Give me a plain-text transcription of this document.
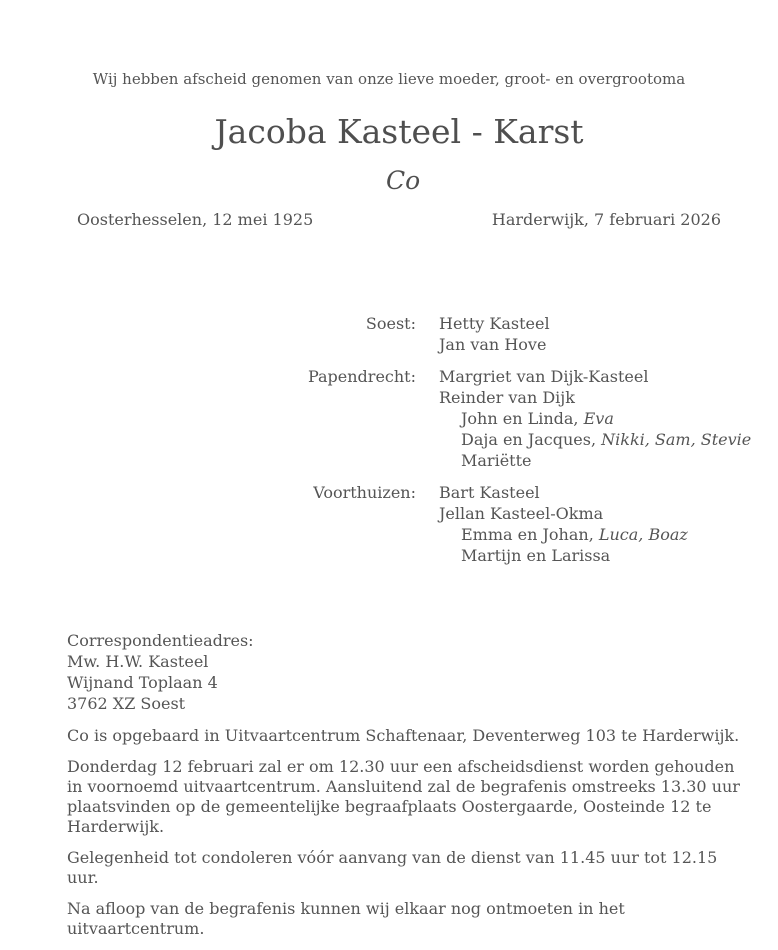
Wij hebben afscheid genomen van onze lieve moeder, groot- en overgrootoma
Jacoba Kasteel - Karst
Co
Oosterhesselen, 12 mei 1925	Harderwijk, 7 februari 2026
Soest: Hetty Kasteel
Jan van Hove
Papendrecht: Margriet van Dijk-Kasteel
Reinder van Dijk
John en Linda, Eva
Daja en Jacques, Nikki, Sam, Stevie
Mariëtte
Voorthuizen: Bart Kasteel
Jellan Kasteel-Okma
Emma en Johan, Luca, Boaz
Martijn en Larissa
Correspondentieadres:
Mw. H.W. Kasteel
Wijnand Toplaan 4
3762 XZ Soest

Co is opgebaard in Uitvaartcentrum Schaftenaar, Deventerweg 103 te Harderwijk.

Donderdag 12 februari zal er om 12.30 uur een afscheidsdienst worden gehouden in voornoemd uitvaartcentrum. Aansluitend zal de begrafenis omstreeks 13.30 uur plaatsvinden op de gemeentelijke begraafplaats Oostergaarde, Oosteinde 12 te Harderwijk.

Gelegenheid tot condoleren vóór aanvang van de dienst van 11.45 uur tot 12.15 uur.

Na afloop van de begrafenis kunnen wij elkaar nog ontmoeten in het uitvaartcentrum.
